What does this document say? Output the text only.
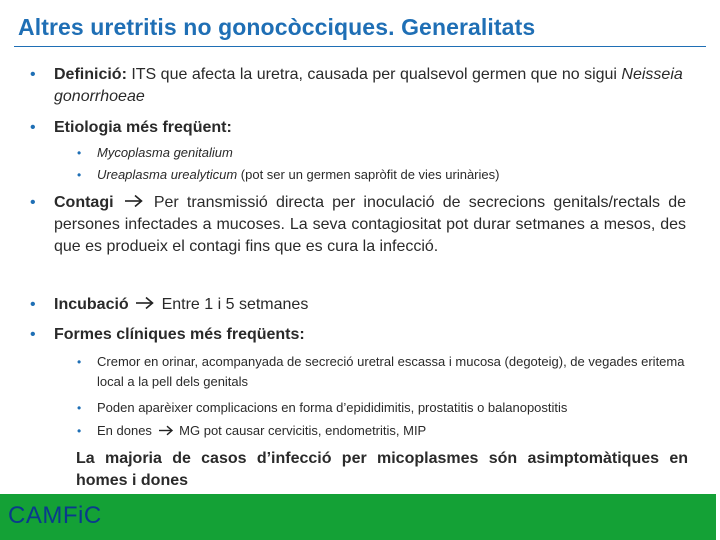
Altres uretritis no gonocòcciques. Generalitats
• Definició: ITS que afecta la uretra, causada per qualsevol germen que no sigui Neisseia gonorrhoeae
• Etiologia més freqüent:
• Mycoplasma genitalium
• Ureaplasma urealyticum (pot ser un germen sapròfit de vies urinàries)
• Contagi
Per transmissió directa per inoculació de secrecions genitals/rectals de persones infectades a mucoses. La seva contagiositat pot durar setmanes a mesos, des que es produeix el contagi fins que es cura la infecció.
• Incubació
Entre 1 i 5 setmanes
• Formes clíniques més freqüents:
• Cremor en orinar, acompanyada de secreció uretral escassa i mucosa (degoteig), de vegades eritema local a la pell dels genitals
• Poden aparèixer complicacions en forma d’epididimitis, prostatitis o balanopostitis
• En dones
MG pot causar cervicitis, endometritis, MIP
La majoria de casos d’infecció per micoplasmes són asimptomàtiques en homes i dones
CAMFiC
